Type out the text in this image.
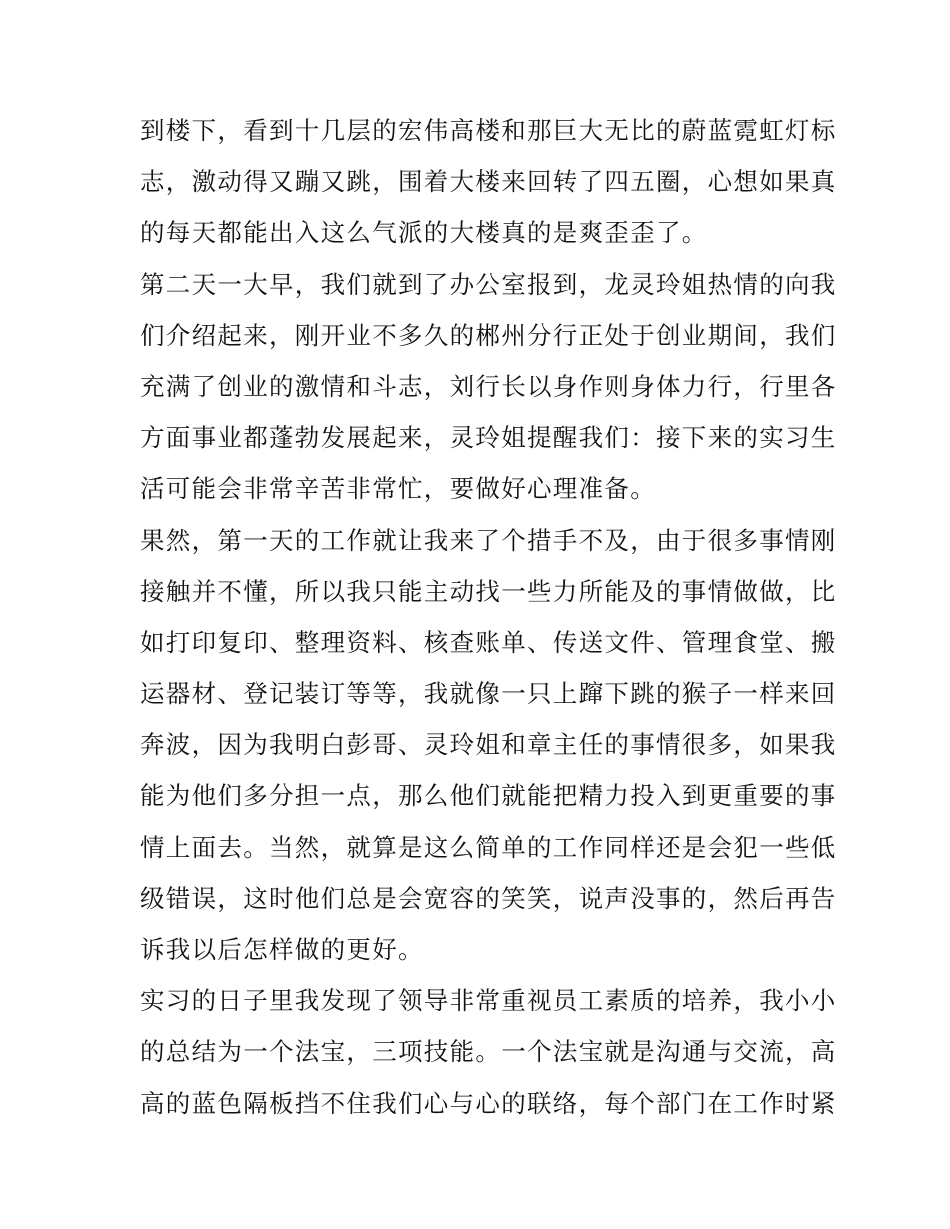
到楼下，看到十几层的宏伟高楼和那巨大无比的蔚蓝霓虹灯标
志，激动得又蹦又跳，围着大楼来回转了四五圈，心想如果真
的每天都能出入这么气派的大楼真的是爽歪歪了。
第二天一大早，我们就到了办公室报到，龙灵玲姐热情的向我
们介绍起来，刚开业不多久的郴州分行正处于创业期间，我们
充满了创业的激情和斗志，刘行长以身作则身体力行，行里各
方面事业都蓬勃发展起来，灵玲姐提醒我们：接下来的实习生
活可能会非常辛苦非常忙，要做好心理准备。
果然，第一天的工作就让我来了个措手不及，由于很多事情刚
接触并不懂，所以我只能主动找一些力所能及的事情做做，比
如打印复印、整理资料、核查账单、传送文件、管理食堂、搬
运器材、登记装订等等，我就像一只上蹿下跳的猴子一样来回
奔波，因为我明白彭哥、灵玲姐和章主任的事情很多，如果我
能为他们多分担一点，那么他们就能把精力投入到更重要的事
情上面去。当然，就算是这么简单的工作同样还是会犯一些低
级错误，这时他们总是会宽容的笑笑，说声没事的，然后再告
诉我以后怎样做的更好。
实习的日子里我发现了领导非常重视员工素质的培养，我小小
的总结为一个法宝，三项技能。一个法宝就是沟通与交流，高
高的蓝色隔板挡不住我们心与心的联络，每个部门在工作时紧
